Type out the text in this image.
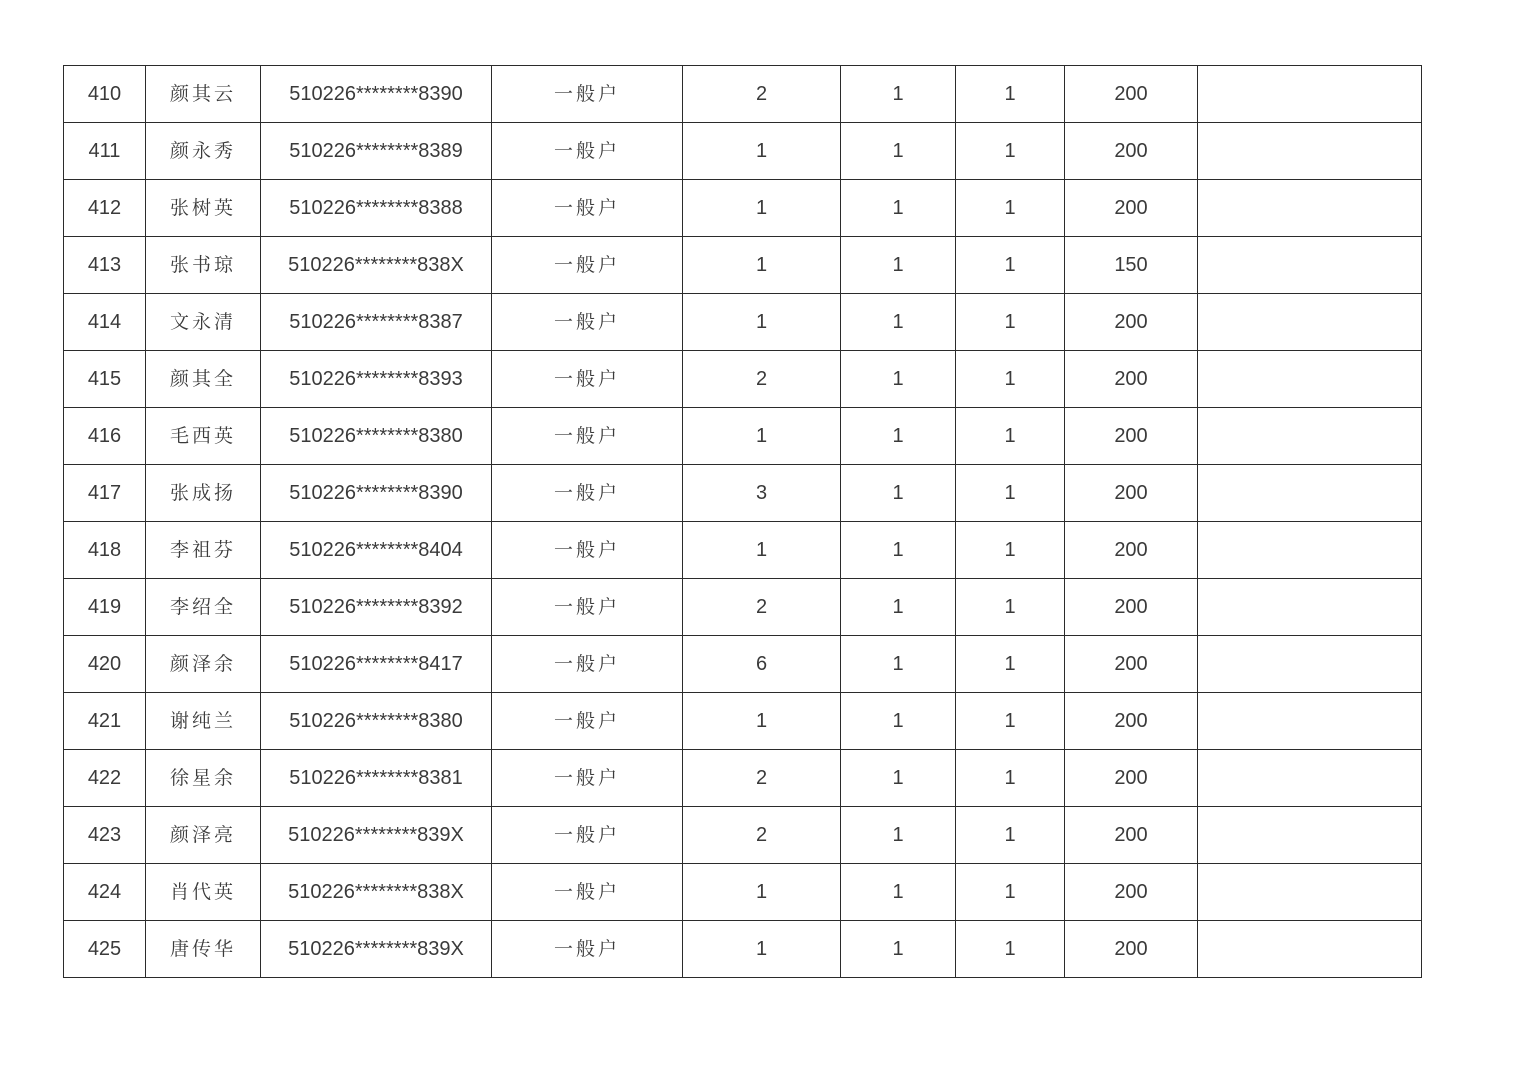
410	颜其云	510226********8390	一般户	2	1	1	200	
411	颜永秀	510226********8389	一般户	1	1	1	200	
412	张树英	510226********8388	一般户	1	1	1	200	
413	张书琼	510226********838X	一般户	1	1	1	150	
414	文永清	510226********8387	一般户	1	1	1	200	
415	颜其全	510226********8393	一般户	2	1	1	200	
416	毛西英	510226********8380	一般户	1	1	1	200	
417	张成扬	510226********8390	一般户	3	1	1	200	
418	李祖芬	510226********8404	一般户	1	1	1	200	
419	李绍全	510226********8392	一般户	2	1	1	200	
420	颜泽余	510226********8417	一般户	6	1	1	200	
421	谢纯兰	510226********8380	一般户	1	1	1	200	
422	徐星余	510226********8381	一般户	2	1	1	200	
423	颜泽亮	510226********839X	一般户	2	1	1	200	
424	肖代英	510226********838X	一般户	1	1	1	200	
425	唐传华	510226********839X	一般户	1	1	1	200	
